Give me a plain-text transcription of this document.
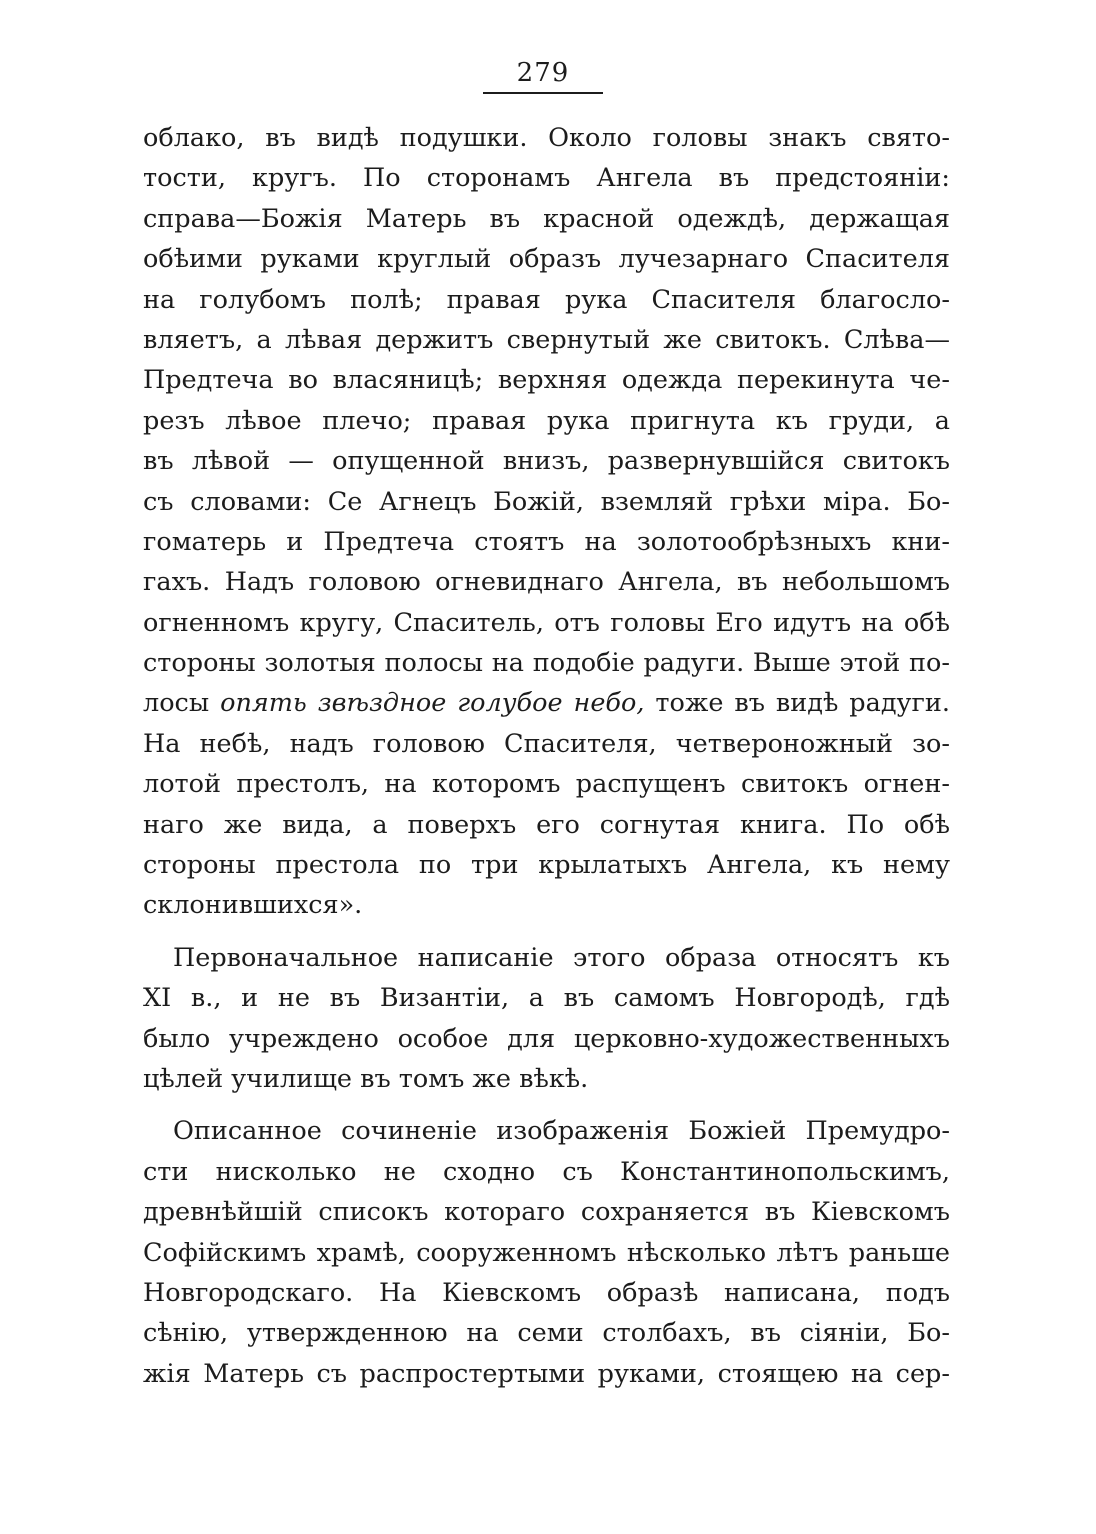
279
облако, въ видѣ подушки. Около головы знакъ свято-
тости, кругъ. По сторонамъ Ангела въ предстояніи:
справа—Божія Матерь въ красной одеждѣ, держащая
обѣими руками круглый образъ лучезарнаго Спасителя
на голубомъ полѣ; правая рука Спасителя благосло-
вляетъ, а лѣвая держитъ свернутый же свитокъ. Слѣва—
Предтеча во власяницѣ; верхняя одежда перекинута че-
резъ лѣвое плечо; правая рука пригнута къ груди, а
въ лѣвой — опущенной внизъ, развернувшійся свитокъ
съ словами: Се Агнецъ Божій, вземляй грѣхи міра. Бо-
гоматерь и Предтеча стоятъ на золотообрѣзныхъ кни-
гахъ. Надъ головою огневиднаго Ангела, въ небольшомъ
огненномъ кругу, Спаситель, отъ головы Его идутъ на обѣ
стороны золотыя полосы на подобіе радуги. Выше этой по-
лосы опять звѣздное голубое небо, тоже въ видѣ радуги.
На небѣ, надъ головою Спасителя, четвероножный зо-
лотой престолъ, на которомъ распущенъ свитокъ огнен-
наго же вида, а поверхъ его согнутая книга. По обѣ
стороны престола по три крылатыхъ Ангела, къ нему
склонившихся».
Первоначальное написаніе этого образа относятъ къ
XI в., и не въ Византіи, а въ самомъ Новгородѣ, гдѣ
было учреждено особое для церковно-художественныхъ
цѣлей училище въ томъ же вѣкѣ.
Описанное сочиненіе изображенія Божіей Премудро-
сти нисколько не сходно съ Константинопольскимъ,
древнѣйшій списокъ котораго сохраняется въ Кіевскомъ
Софійскимъ храмѣ, сооруженномъ нѣсколько лѣтъ раньше
Новгородскаго. На Кіевскомъ образѣ написана, подъ
сѣнію, утвержденною на семи столбахъ, въ сіяніи, Бо-
жія Матерь съ распростертыми руками, стоящею на сер-
